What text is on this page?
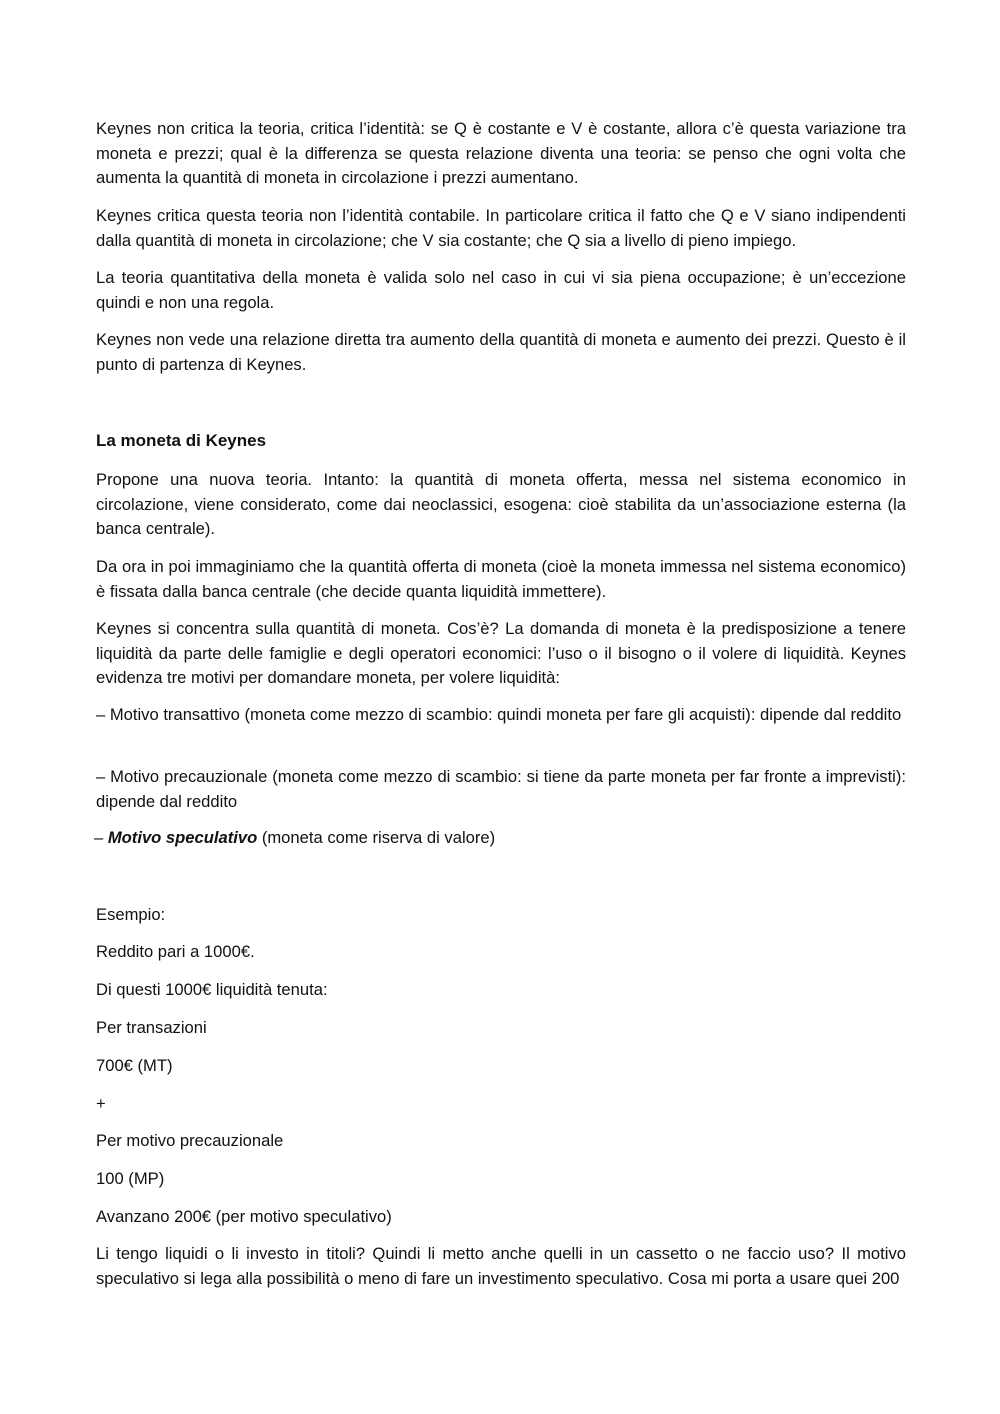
Keynes non critica la teoria, critica l’identità: se Q è costante e V è costante, allora c’è questa variazione tra moneta e prezzi; qual è la differenza se questa relazione diventa una teoria: se penso che ogni volta che aumenta la quantità di moneta in circolazione i prezzi aumentano.

Keynes critica questa teoria non l’identità contabile. In particolare critica il fatto che Q e V siano indipendenti dalla quantità di moneta in circolazione; che V sia costante; che Q sia a livello di pieno impiego.

La teoria quantitativa della moneta è valida solo nel caso in cui vi sia piena occupazione; è un’eccezione quindi e non una regola.

Keynes non vede una relazione diretta tra aumento della quantità di moneta e aumento dei prezzi. Questo è il punto di partenza di Keynes.

La moneta di Keynes

Propone una nuova teoria. Intanto: la quantità di moneta offerta, messa nel sistema economico in circolazione, viene considerato, come dai neoclassici, esogena: cioè stabilita da un’associazione esterna (la banca centrale).

Da ora in poi immaginiamo che la quantità offerta di moneta (cioè la moneta immessa nel sistema economico) è fissata dalla banca centrale (che decide quanta liquidità immettere).

Keynes si concentra sulla quantità di moneta. Cos’è? La domanda di moneta è la predisposizione a tenere liquidità da parte delle famiglie e degli operatori economici: l’uso o il bisogno o il volere di liquidità. Keynes evidenza tre motivi per domandare moneta, per volere liquidità:

– Motivo transattivo (moneta come mezzo di scambio: quindi moneta per fare gli acquisti): dipende dal reddito

– Motivo precauzionale (moneta come mezzo di scambio: si tiene da parte moneta per far fronte a imprevisti): dipende dal reddito

– Motivo speculativo (moneta come riserva di valore)

Esempio:

Reddito pari a 1000€.

Di questi 1000€ liquidità tenuta:

Per transazioni

700€ (MT)

+

Per motivo precauzionale

100 (MP)

Avanzano 200€ (per motivo speculativo)

Li tengo liquidi o li investo in titoli? Quindi li metto anche quelli in un cassetto o ne faccio uso? Il motivo speculativo si lega alla possibilità o meno di fare un investimento speculativo. Cosa mi porta a usare quei 200
